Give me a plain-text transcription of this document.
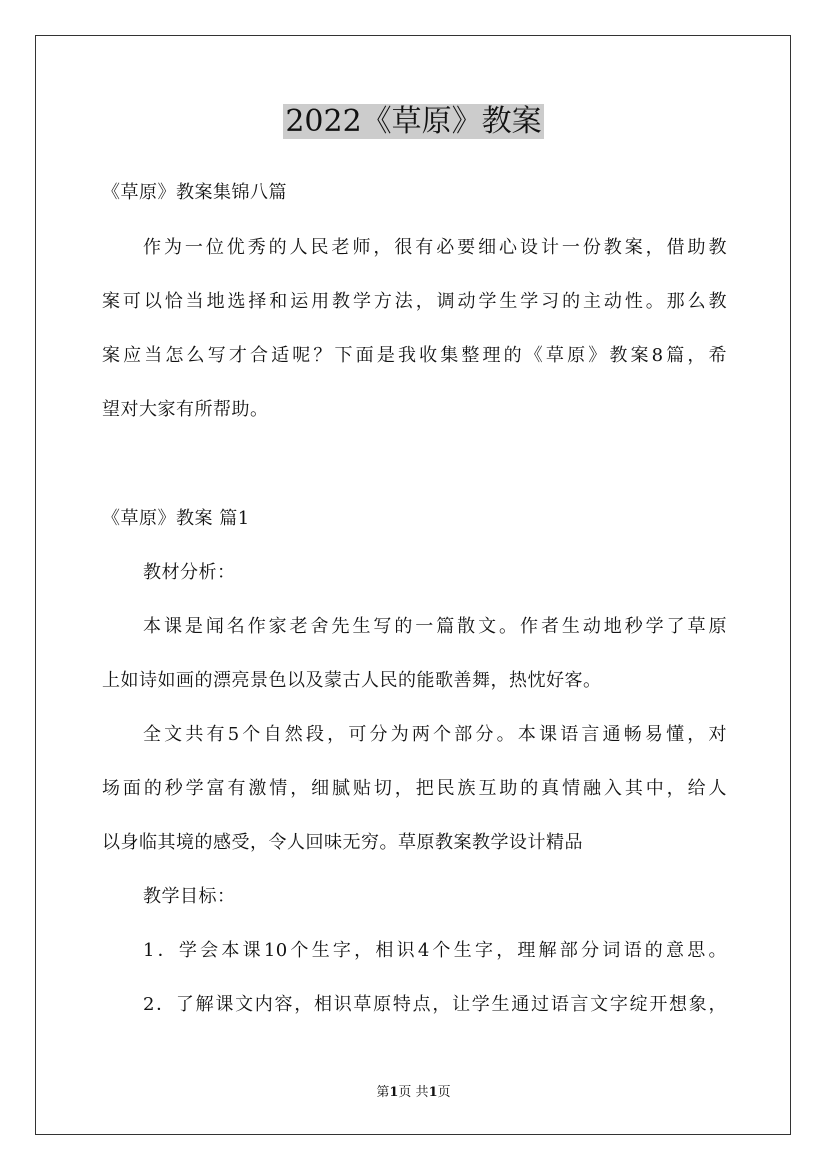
2022《草原》教案
《草原》教案集锦八篇
作为一位优秀的人民老师，很有必要细心设计一份教案，借助教
案可以恰当地选择和运用教学方法，调动学生学习的主动性。那么教
案应当怎么写才合适呢？下面是我收集整理的《草原》教案8篇，希
望对大家有所帮助。
《草原》教案 篇1
教材分析：
本课是闻名作家老舍先生写的一篇散文。作者生动地秒学了草原
上如诗如画的漂亮景色以及蒙古人民的能歌善舞，热忱好客。
全文共有5个自然段，可分为两个部分。本课语言通畅易懂，对
场面的秒学富有激情，细腻贴切，把民族互助的真情融入其中，给人
以身临其境的感受，令人回味无穷。草原教案教学设计精品
教学目标：
1．学会本课10个生字，相识4个生字，理解部分词语的意思。
2．了解课文内容，相识草原特点，让学生通过语言文字绽开想象，
第1页 共1页
